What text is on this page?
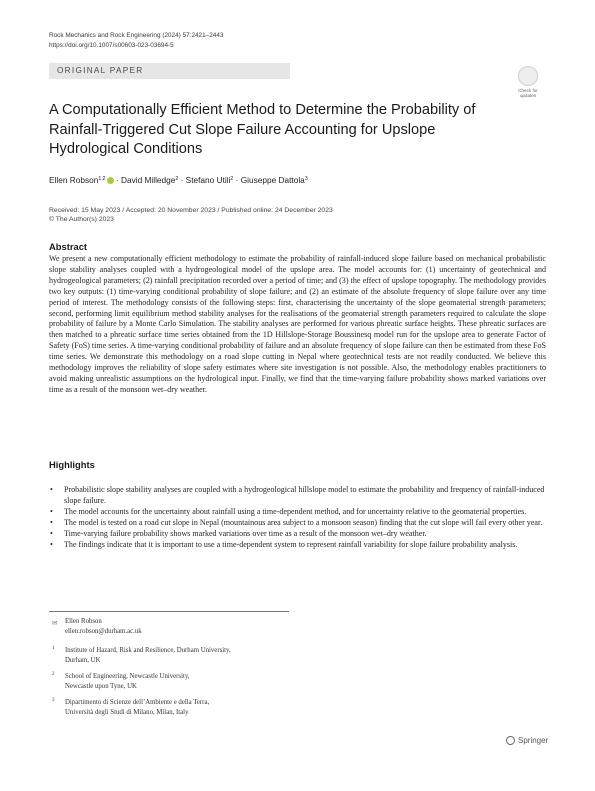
Rock Mechanics and Rock Engineering (2024) 57:2421–2443
https://doi.org/10.1007/s00603-023-03694-5
ORIGINAL PAPER
Check for updates
A Computationally Efficient Method to Determine the Probability of Rainfall-Triggered Cut Slope Failure Accounting for Upslope Hydrological Conditions
Ellen Robson$^{1,2}$ · David Milledge$^2$ · Stefano Utili$^2$ · Giuseppe Dattola$^3$
Received: 15 May 2023 / Accepted: 20 November 2023 / Published online: 24 December 2023
© The Author(s) 2023
Abstract
We present a new computationally efficient methodology to estimate the probability of rainfall-induced slope failure based on mechanical probabilistic slope stability analyses coupled with a hydrogeological model of the upslope area. The model accounts for: (1) uncertainty of geotechnical and hydrogeological parameters; (2) rainfall precipitation recorded over a period of time; and (3) the effect of upslope topography. The methodology provides two key outputs: (1) time-varying conditional probability of slope failure; and (2) an estimate of the absolute frequency of slope failure over any time period of interest. The methodology consists of the following steps: first, characterising the uncertainty of the slope geomaterial strength parameters; second, performing limit equilibrium method stability analyses for the realisations of the geomaterial strength parameters required to calculate the slope probability of failure by a Monte Carlo Simulation. The stability analyses are performed for various phreatic surface heights. These phreatic surfaces are then matched to a phreatic surface time series obtained from the 1D Hillslope-Storage Boussinesq model run for the upslope area to generate Factor of Safety (FoS) time series. A time-varying conditional probability of failure and an absolute frequency of slope failure can then be estimated from these FoS time series. We demonstrate this methodology on a road slope cutting in Nepal where geotechnical tests are not readily conducted. We believe this methodology improves the reliability of slope safety estimates where site investigation is not possible. Also, the methodology enables practitioners to avoid making unrealistic assumptions on the hydrological input. Finally, we find that the time-varying failure probability shows marked variations over time as a result of the monsoon wet–dry weather.
Highlights
• Probabilistic slope stability analyses are coupled with a hydrogeological hillslope model to estimate the probability and frequency of rainfall-induced slope failure.
• The model accounts for the uncertainty about rainfall using a time-dependent method, and for uncertainty relative to the geomaterial properties.
• The model is tested on a road cut slope in Nepal (mountainous area subject to a monsoon season) finding that the cut slope will fail every other year.
• Time-varying failure probability shows marked variations over time as a result of the monsoon wet–dry weather.
• The findings indicate that it is important to use a time-dependent system to represent rainfall variability for slope failure probability analysis.
✉ Ellen Robson
ellen.robson@durham.ac.uk
1 Institute of Hazard, Risk and Resilience, Durham University,
Durham, UK
2 School of Engineering, Newcastle University,
Newcastle upon Tyne, UK
3 Dipartimento di Scienze dell’Ambiente e della Terra,
Università degli Studi di Milano, Milan, Italy
Springer
